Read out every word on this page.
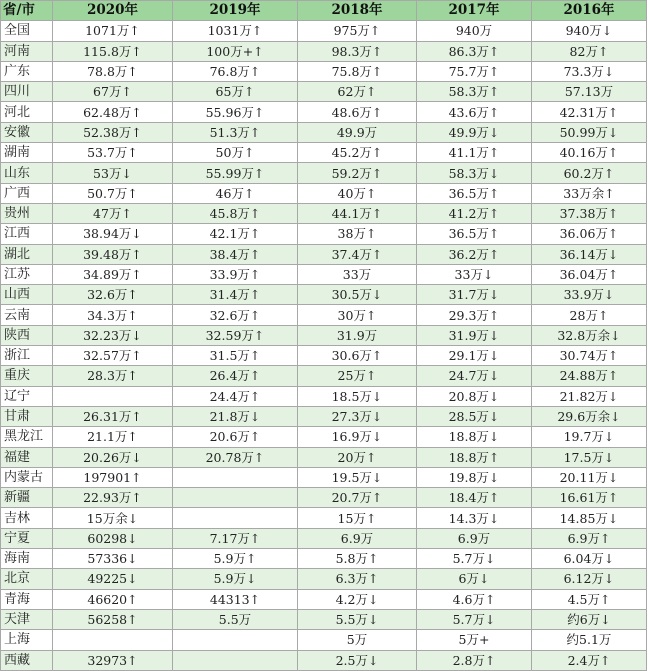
省/市	2020年	2019年	2018年	2017年	2016年
全国	1071万↑	1031万↑	975万↑	940万	940万↓
河南	115.8万↑	100万+↑	98.3万↑	86.3万↑	82万↑
广东	78.8万↑	76.8万↑	75.8万↑	75.7万↑	73.3万↓
四川	67万↑	65万↑	62万↑	58.3万↑	57.13万
河北	62.48万↑	55.96万↑	48.6万↑	43.6万↑	42.31万↑
安徽	52.38万↑	51.3万↑	49.9万	49.9万↓	50.99万↓
湖南	53.7万↑	50万↑	45.2万↑	41.1万↑	40.16万↑
山东	53万↓	55.99万↑	59.2万↑	58.3万↓	60.2万↑
广西	50.7万↑	46万↑	40万↑	36.5万↑	33万余↑
贵州	47万↑	45.8万↑	44.1万↑	41.2万↑	37.38万↑
江西	38.94万↓	42.1万↑	38万↑	36.5万↑	36.06万↑
湖北	39.48万↑	38.4万↑	37.4万↑	36.2万↑	36.14万↓
江苏	34.89万↑	33.9万↑	33万	33万↓	36.04万↑
山西	32.6万↑	31.4万↑	30.5万↓	31.7万↓	33.9万↓
云南	34.3万↑	32.6万↑	30万↑	29.3万↑	28万↑
陕西	32.23万↓	32.59万↑	31.9万	31.9万↓	32.8万余↓
浙江	32.57万↑	31.5万↑	30.6万↑	29.1万↓	30.74万↑
重庆	28.3万↑	26.4万↑	25万↑	24.7万↓	24.88万↑
辽宁		24.4万↑	18.5万↓	20.8万↓	21.82万↓
甘肃	26.31万↑	21.8万↓	27.3万↓	28.5万↓	29.6万余↓
黑龙江	21.1万↑	20.6万↑	16.9万↓	18.8万↓	19.7万↓
福建	20.26万↓	20.78万↑	20万↑	18.8万↑	17.5万↓
内蒙古	197901↑		19.5万↓	19.8万↓	20.11万↓
新疆	22.93万↑		20.7万↑	18.4万↑	16.61万↑
吉林	15万余↓		15万↑	14.3万↓	14.85万↓
宁夏	60298↓	7.17万↑	6.9万	6.9万	6.9万↑
海南	57336↓	5.9万↑	5.8万↑	5.7万↓	6.04万↓
北京	49225↓	5.9万↓	6.3万↑	6万↓	6.12万↓
青海	46620↑	44313↑	4.2万↓	4.6万↑	4.5万↑
天津	56258↑	5.5万	5.5万↓	5.7万↓	约6万↓
上海			5万	5万+	约5.1万
西藏	32973↑		2.5万↓	2.8万↑	2.4万↑
